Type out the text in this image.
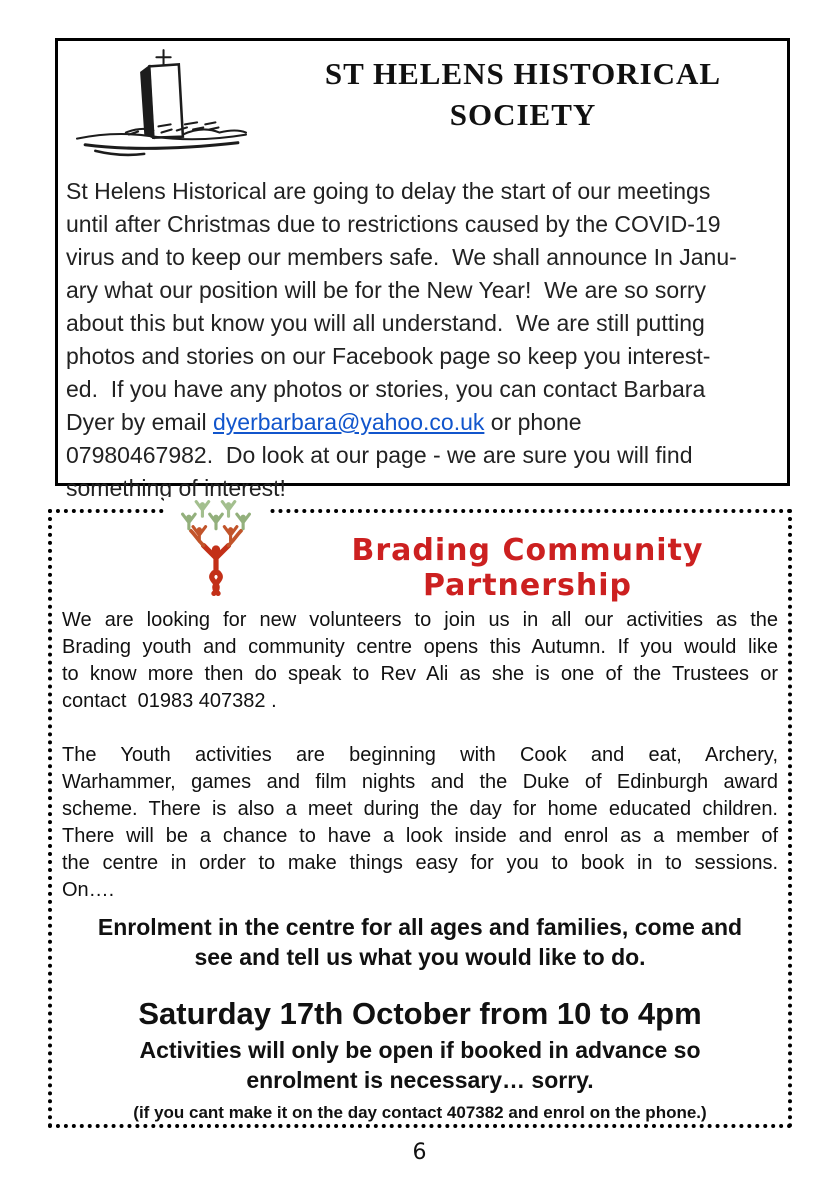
ST HELENS HISTORICAL
SOCIETY
St Helens Historical are going to delay the start of our meetings
until after Christmas due to restrictions caused by the COVID-19
virus and to keep our members safe.  We shall announce In Janu-
ary what our position will be for the New Year!  We are so sorry
about this but know you will all understand.  We are still putting
photos and stories on our Facebook page so keep you interest-
ed.  If you have any photos or stories, you can contact Barbara
Dyer by email dyerbarbara@yahoo.co.uk or phone
07980467982.  Do look at our page - we are sure you will find
something of interest!
Brading Community Partnership
We are looking for new volunteers to join us in all our activities as the
Brading youth and community centre opens this Autumn. If you would like
to know more then do speak to Rev Ali as she is one of the Trustees or
contact  01983 407382 .
The Youth activities are beginning with Cook and eat, Archery,
Warhammer, games and film nights and the Duke of Edinburgh award
scheme. There is also a meet during the day for home educated children.
There will be a chance to have a look inside and enrol as a member of
the centre in order to make things easy for you to book in to sessions.
On….
Enrolment in the centre for all ages and families, come and
see and tell us what you would like to do.
Saturday 17th October from 10 to 4pm
Activities will only be open if booked in advance so
enrolment is necessary… sorry.
(if you cant make it on the day contact 407382 and enrol on the phone.)
6
